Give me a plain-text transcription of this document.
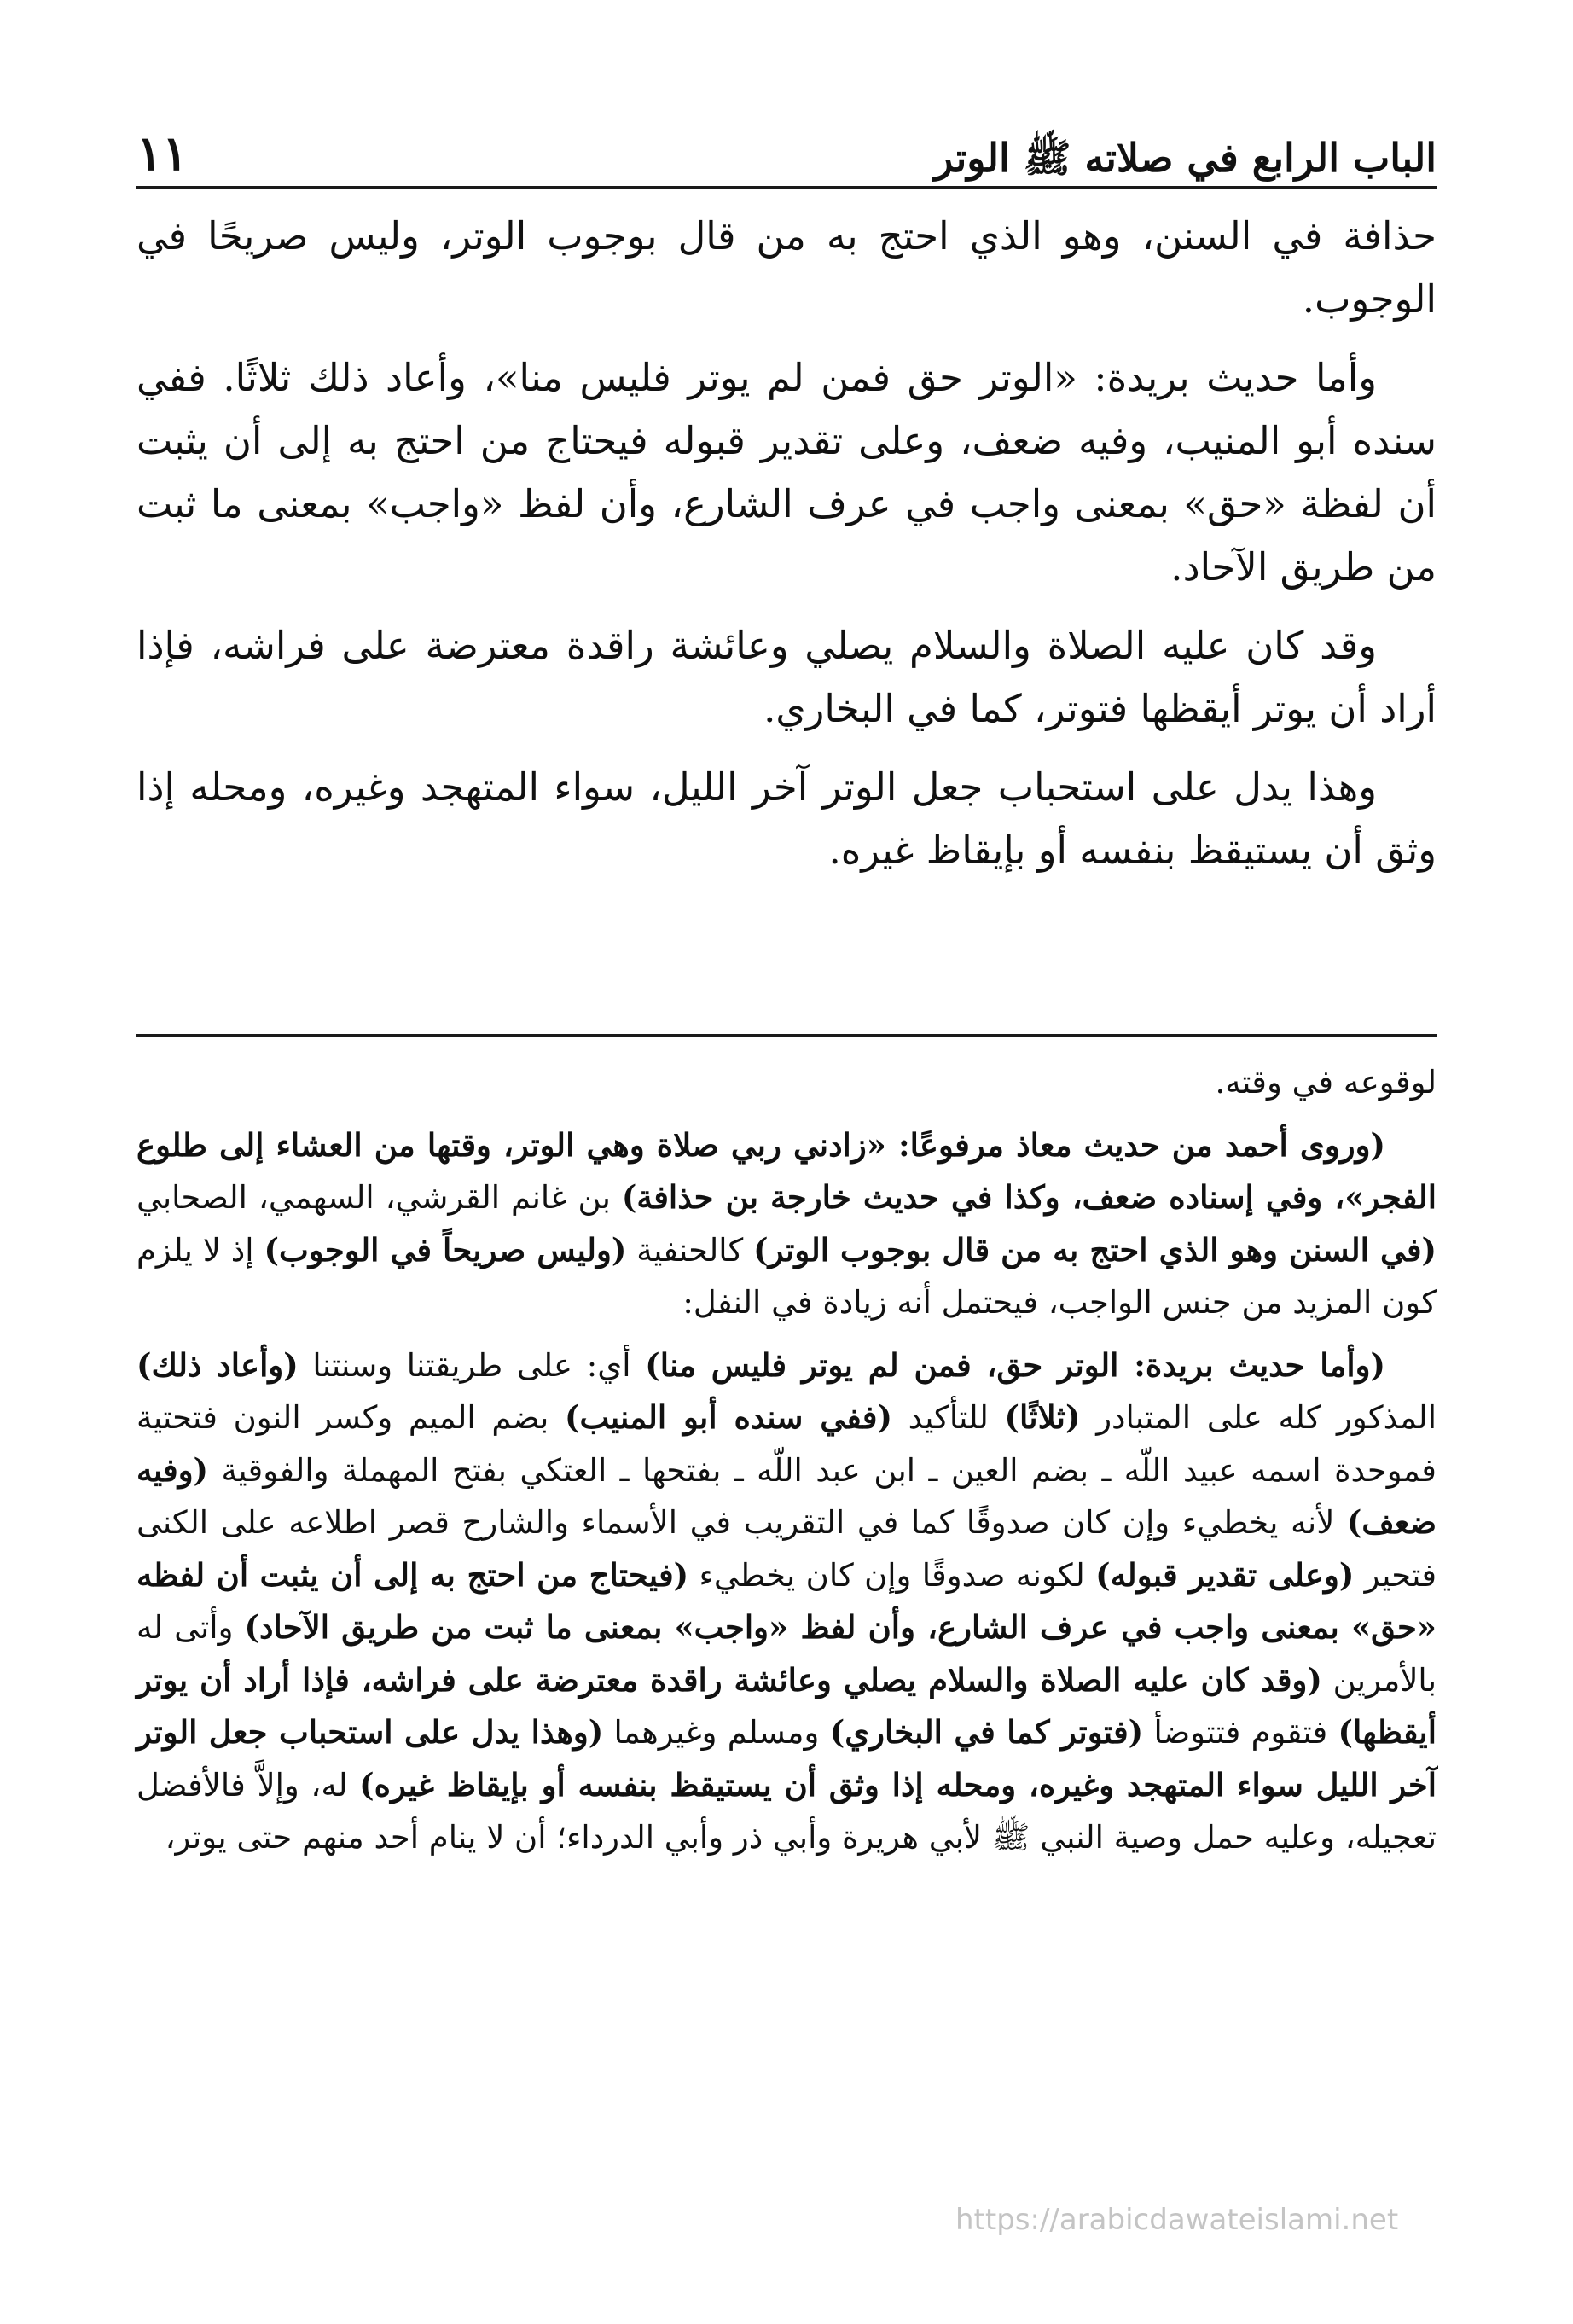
الباب الرابع في صلاته ﷺ الوتر
١١

حذافة في السنن، وهو الذي احتج به من قال بوجوب الوتر، وليس صريحًا في الوجوب.

وأما حديث بريدة: «الوتر حق فمن لم يوتر فليس منا»، وأعاد ذلك ثلاثًا. ففي سنده أبو المنيب، وفيه ضعف، وعلى تقدير قبوله فيحتاج من احتج به إلى أن يثبت أن لفظة «حق» بمعنى واجب في عرف الشارع، وأن لفظ «واجب» بمعنى ما ثبت من طريق الآحاد.

وقد كان عليه الصلاة والسلام يصلي وعائشة راقدة معترضة على فراشه، فإذا أراد أن يوتر أيقظها فتوتر، كما في البخاري.

وهذا يدل على استحباب جعل الوتر آخر الليل، سواء المتهجد وغيره، ومحله إذا وثق أن يستيقظ بنفسه أو بإيقاظ غيره.

لوقوعه في وقته.

(وروى أحمد من حديث معاذ مرفوعًا: «زادني ربي صلاة وهي الوتر، وقتها من العشاء إلى طلوع الفجر»، وفي إسناده ضعف، وكذا في حديث خارجة بن حذافة) بن غانم القرشي، السهمي، الصحابي (في السنن وهو الذي احتج به من قال بوجوب الوتر) كالحنفية (وليس صريحاً في الوجوب) إذ لا يلزم كون المزيد من جنس الواجب، فيحتمل أنه زيادة في النفل:

(وأما حديث بريدة: الوتر حق، فمن لم يوتر فليس منا) أي: على طريقتنا وسنتنا (وأعاد ذلك) المذكور كله على المتبادر (ثلاثًا) للتأكيد (ففي سنده أبو المنيب) بضم الميم وكسر النون فتحتية فموحدة اسمه عبيد اللّه ـ بضم العين ـ ابن عبد اللّه ـ بفتحها ـ العتكي بفتح المهملة والفوقية (وفيه ضعف) لأنه يخطيء وإن كان صدوقًا كما في التقريب في الأسماء والشارح قصر اطلاعه على الكنى فتحير (وعلى تقدير قبوله) لكونه صدوقًا وإن كان يخطيء (فيحتاج من احتج به إلى أن يثبت أن لفظه «حق» بمعنى واجب في عرف الشارع، وأن لفظ «واجب» بمعنى ما ثبت من طريق الآحاد) وأتى له بالأمرين (وقد كان عليه الصلاة والسلام يصلي وعائشة راقدة معترضة على فراشه، فإذا أراد أن يوتر أيقظها) فتقوم فتتوضأ (فتوتر كما في البخاري) ومسلم وغيرهما (وهذا يدل على استحباب جعل الوتر آخر الليل سواء المتهجد وغيره، ومحله إذا وثق أن يستيقظ بنفسه أو بإيقاظ غيره) له، وإلاَّ فالأفضل تعجيله، وعليه حمل وصية النبي ﷺ لأبي هريرة وأبي ذر وأبي الدرداء؛ أن لا ينام أحد منهم حتى يوتر،

https://arabicdawateislami.net
